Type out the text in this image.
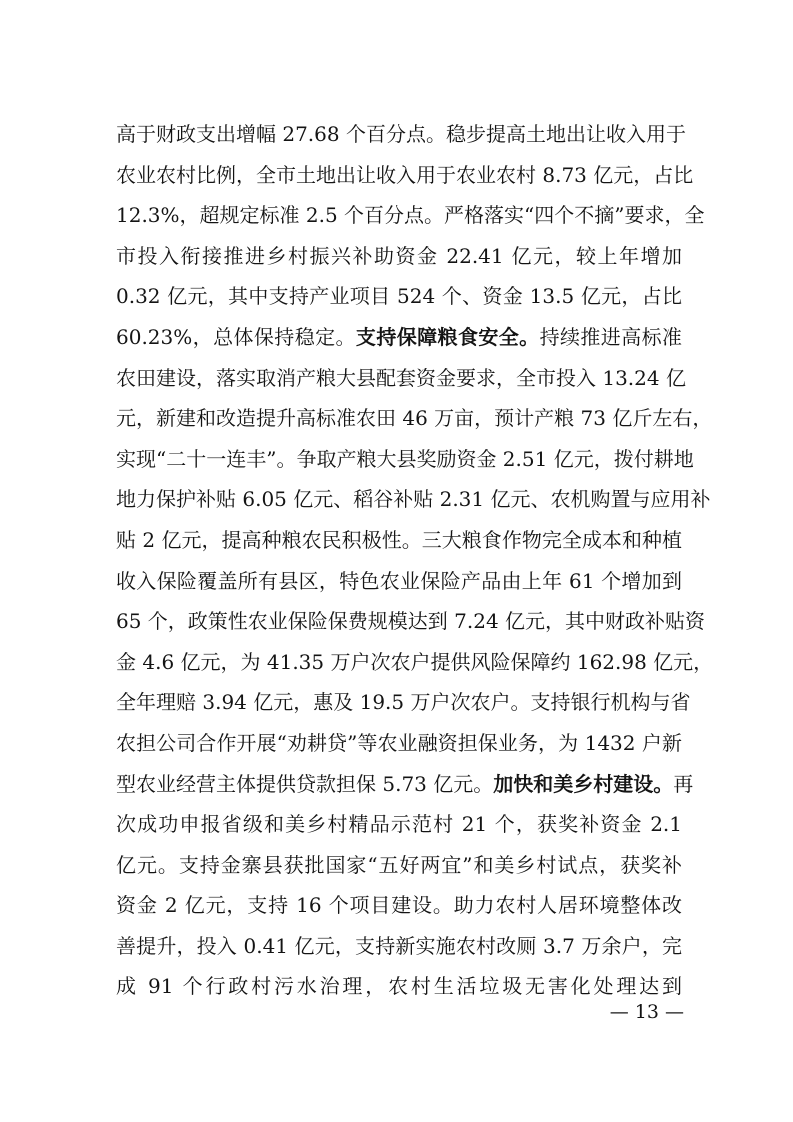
高于财政支出增幅 27.68 个百分点。稳步提高土地出让收入用于
农业农村比例，全市土地出让收入用于农业农村 8.73 亿元，占比
12.3%，超规定标准 2.5 个百分点。严格落实“四个不摘”要求，全
市投入衔接推进乡村振兴补助资金 22.41 亿元，较上年增加
0.32 亿元，其中支持产业项目 524 个、资金 13.5 亿元，占比
60.23%，总体保持稳定。支持保障粮食安全。持续推进高标准
农田建设，落实取消产粮大县配套资金要求，全市投入 13.24 亿
元，新建和改造提升高标准农田 46 万亩，预计产粮 73 亿斤左右，
实现“二十一连丰”。争取产粮大县奖励资金 2.51 亿元，拨付耕地
地力保护补贴 6.05 亿元、稻谷补贴 2.31 亿元、农机购置与应用补
贴 2 亿元，提高种粮农民积极性。三大粮食作物完全成本和种植
收入保险覆盖所有县区，特色农业保险产品由上年 61 个增加到
65 个，政策性农业保险保费规模达到 7.24 亿元，其中财政补贴资
金 4.6 亿元，为 41.35 万户次农户提供风险保障约 162.98 亿元，
全年理赔 3.94 亿元，惠及 19.5 万户次农户。支持银行机构与省
农担公司合作开展“劝耕贷”等农业融资担保业务，为 1432 户新
型农业经营主体提供贷款担保 5.73 亿元。加快和美乡村建设。再
次成功申报省级和美乡村精品示范村 21 个，获奖补资金 2.1
亿元。支持金寨县获批国家“五好两宜”和美乡村试点，获奖补
资金 2 亿元，支持 16 个项目建设。助力农村人居环境整体改
善提升，投入 0.41 亿元，支持新实施农村改厕 3.7 万余户，完
成 91 个行政村污水治理，农村生活垃圾无害化处理达到
— 13 —
